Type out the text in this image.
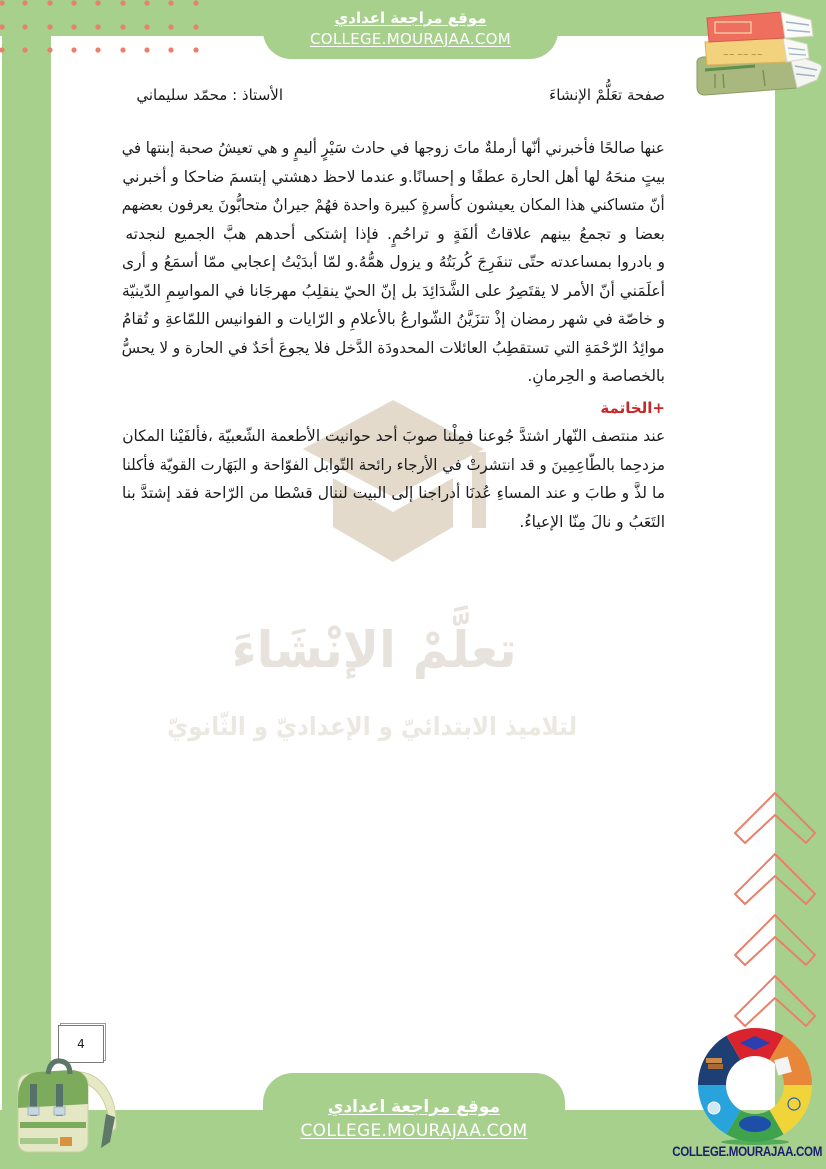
موقع مراجعة اعدادي
COLLEGE.MOURAJAA.COM
~~ ~~ ~~
صفحة تعَلُّمْ الإنشاءَ
الأستاذ : محمّد سليماني
تعلَّمْ الإنْشَاءَ
لتلاميذ الابتدائيّ و الإعداديّ و الثّانويّ
عنها صالحًا فأخبرني أنّها أرملةٌ ماتَ زوجها في حادث سَيْرٍ أليمٍ و هي تعيشُ صحبة إبنتها في
بيتٍ منحَهُ لها أهل الحارة عطفًا و إحسانًا.و عندما لاحظ دهشتي إبتسمَ ضاحكا و أخبرني
أنّ متساكني هذا المكان يعيشون كأسرةٍ كبيرة واحدة فهُمْ جيرانٌ متحابُّونَ يعرفون بعضهم
بعضا و تجمعُ بينهم علاقاتُ ألفَةٍ و تراحُمٍ. فإذا إشتكى أحدهم هبَّ الجميع لنجدته
و بادروا بمساعدته حتّى تنفَرِجَ كُربَتُهُ و يزول همُّهُ.و لمّا أبدَيْتُ إعجابي ممّا أسمَعُ و أرى
أعلَمَني أنّ الأمر لا يقتَصِرُ على الشَّدَائِدَ بل إنّ الحيّ ينقلِبُ مهرجَانا في المواسِمِ الدّينيّة
و خاصّة في شهر رمضان إذْ تتزَيَّنُ الشّوارعُ بالأعلامِ و الرّايات و الفوانيس اللمّاعةِ و تُقامُ
موائِدُ الرّحْمَةِ التي تستقطِبُ العائلات المحدودَة الدَّخل فلا يجوعَ أحَدٌ في الحارة و لا يحسُّ
بالخصاصة و الحِرمانِ.
+الخاتمة
عند منتصف النّهار اشتدَّ جُوعنا فمِلْنا صوبَ أحد حوانيت الأطعمة الشّعبيّة ،فألفَيْنا المكان
مزدحِما بالطّاعِمِينَ و قد انتشرتْ في الأرجاء رائحة التّوابل الفوّاحة و البَهَارت القويّة فأكلنا
ما لذَّ و طابَ و عند المساءِ عُدنَا أدراجنا إلى البيت لننال قسْطا من الرّاحة فقد إشتدَّ بنا
التَعَبُ و نالَ مِنّا الإعياءُ.
موقع مراجعة اعدادي
COLLEGE.MOURAJAA.COM
4
COLLEGE.MOURAJAA.COM
